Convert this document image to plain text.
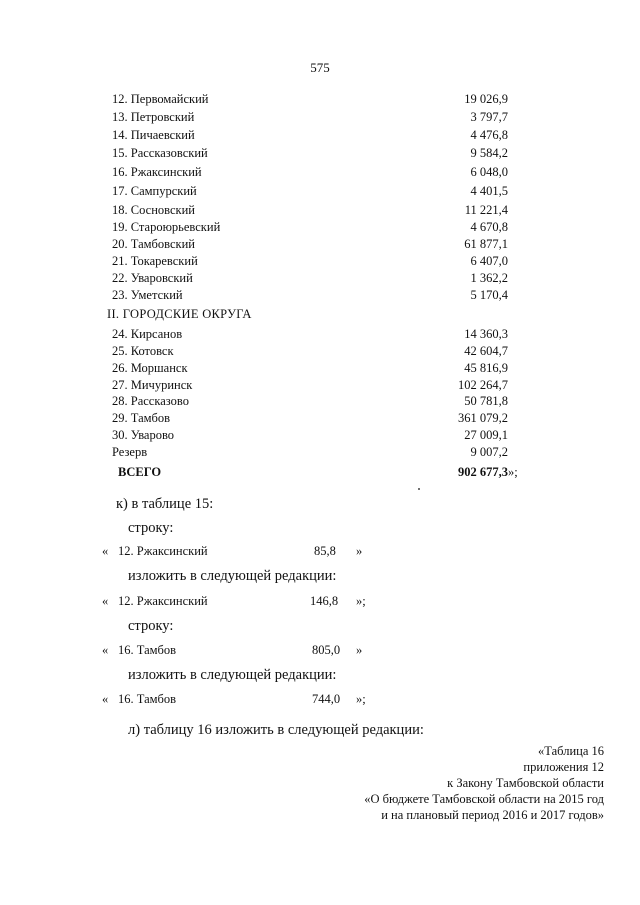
575
12. Первомайский	19 026,9
13. Петровский	3 797,7
14. Пичаевский	4 476,8
15. Рассказовский	9 584,2
16. Ржаксинский	6 048,0
17. Сампурский	4 401,5
18. Сосновский	11 221,4
19. Староюрьевский	4 670,8
20. Тамбовский	61 877,1
21. Токаревский	6 407,0
22. Уваровский	1 362,2
23. Уметский	5 170,4
II. ГОРОДСКИЕ ОКРУГА
24. Кирсанов	14 360,3
25. Котовск	42 604,7
26. Моршанск	45 816,9
27. Мичуринск	102 264,7
28. Рассказово	50 781,8
29. Тамбов	361 079,2
30. Уварово	27 009,1
Резерв	9 007,2
ВСЕГО	902 677,3 »;
к) в таблице 15:
строку:
« 12. Ржаксинский	85,8 »
изложить в следующей редакции:
« 12. Ржаксинский	146,8 »;
строку:
« 16. Тамбов	805,0 »
изложить в следующей редакции:
« 16. Тамбов	744,0 »;
л) таблицу 16 изложить в следующей редакции:
«Таблица 16
приложения 12
к Закону Тамбовской области
«О бюджете Тамбовской области на 2015 год
и на плановый период 2016 и 2017 годов»
